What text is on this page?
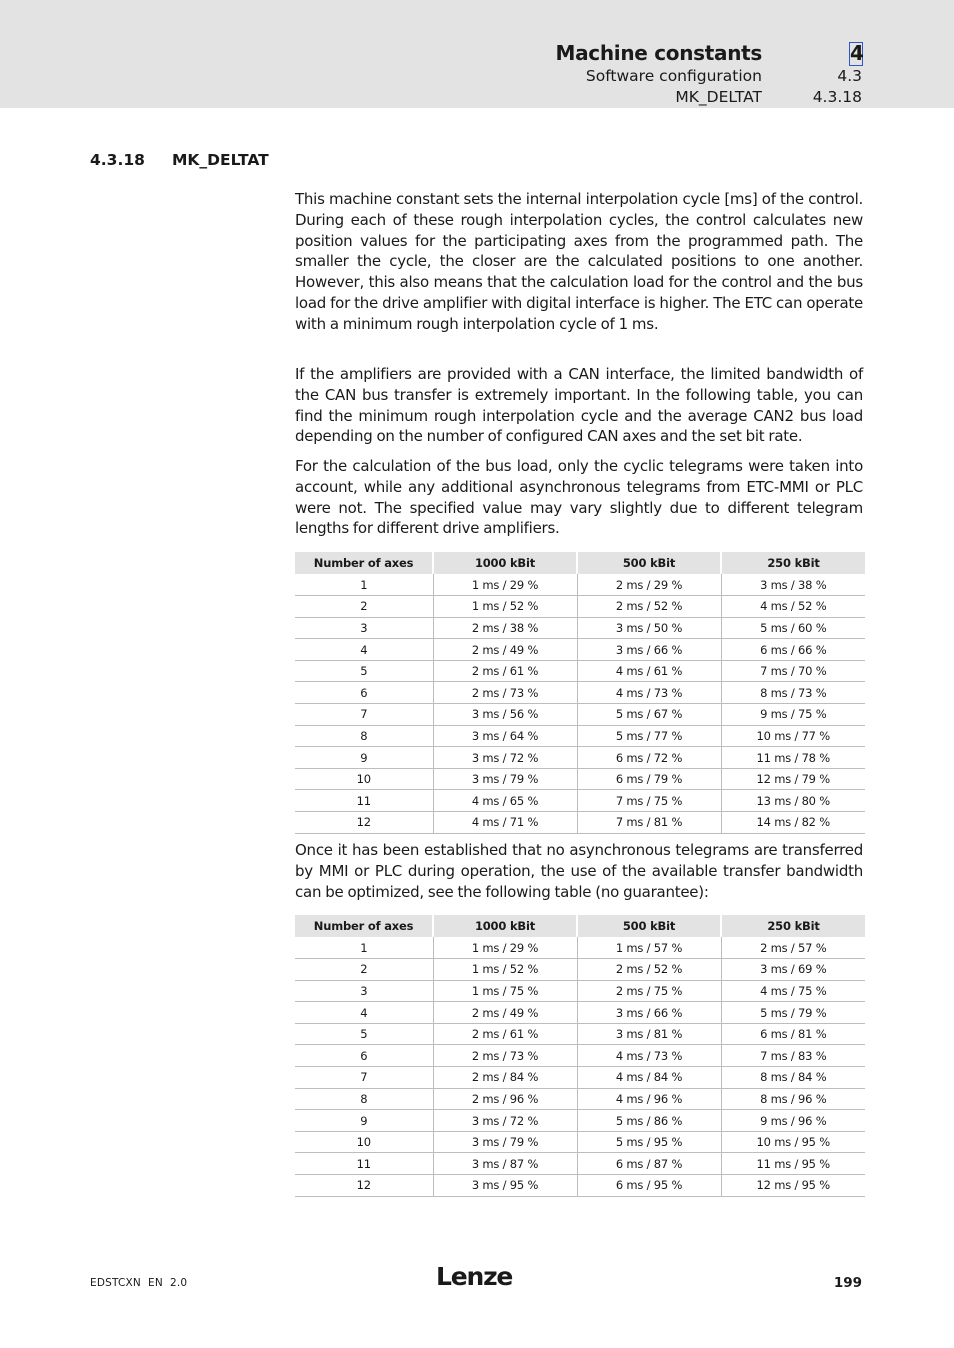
Machine constants	4
Software configuration	4.3
MK_DELTAT	4.3.18
4.3.18 MK_DELTAT

This machine constant sets the internal interpolation cycle [ms] of the control. During each of these rough interpolation cycles, the control calculates new position values for the participating axes from the programmed path. The smaller the cycle, the closer are the calculated positions to one another. However, this also means that the calculation load for the control and the bus load for the drive amplifier with digital interface is higher. The ETC can operate with a minimum rough interpolation cycle of 1 ms.

If the amplifiers are provided with a CAN interface, the limited bandwidth of the CAN bus transfer is extremely important. In the following table, you can find the minimum rough interpolation cycle and the average CAN2 bus load depending on the number of configured CAN axes and the set bit rate.

For the calculation of the bus load, only the cyclic telegrams were taken into account, while any additional asynchronous telegrams from ETC-MMI or PLC were not. The specified value may vary slightly due to different telegram lengths for different drive amplifiers.

Number of axes	1000 kBit	500 kBit	250 kBit
1	1 ms / 29 %	2 ms / 29 %	3 ms / 38 %
2	1 ms / 52 %	2 ms / 52 %	4 ms / 52 %
3	2 ms / 38 %	3 ms / 50 %	5 ms / 60 %
4	2 ms / 49 %	3 ms / 66 %	6 ms / 66 %
5	2 ms / 61 %	4 ms / 61 %	7 ms / 70 %
6	2 ms / 73 %	4 ms / 73 %	8 ms / 73 %
7	3 ms / 56 %	5 ms / 67 %	9 ms / 75 %
8	3 ms / 64 %	5 ms / 77 %	10 ms / 77 %
9	3 ms / 72 %	6 ms / 72 %	11 ms / 78 %
10	3 ms / 79 %	6 ms / 79 %	12 ms / 79 %
11	4 ms / 65 %	7 ms / 75 %	13 ms / 80 %
12	4 ms / 71 %	7 ms / 81 %	14 ms / 82 %

Once it has been established that no asynchronous telegrams are transferred by MMI or PLC during operation, the use of the available transfer bandwidth can be optimized, see the following table (no guarantee):

Number of axes	1000 kBit	500 kBit	250 kBit
1	1 ms / 29 %	1 ms / 57 %	2 ms / 57 %
2	1 ms / 52 %	2 ms / 52 %	3 ms / 69 %
3	1 ms / 75 %	2 ms / 75 %	4 ms / 75 %
4	2 ms / 49 %	3 ms / 66 %	5 ms / 79 %
5	2 ms / 61 %	3 ms / 81 %	6 ms / 81 %
6	2 ms / 73 %	4 ms / 73 %	7 ms / 83 %
7	2 ms / 84 %	4 ms / 84 %	8 ms / 84 %
8	2 ms / 96 %	4 ms / 96 %	8 ms / 96 %
9	3 ms / 72 %	5 ms / 86 %	9 ms / 96 %
10	3 ms / 79 %	5 ms / 95 %	10 ms / 95 %
11	3 ms / 87 %	6 ms / 87 %	11 ms / 95 %
12	3 ms / 95 %	6 ms / 95 %	12 ms / 95 %
EDSTCXN  EN  2.0	Lenze	199
